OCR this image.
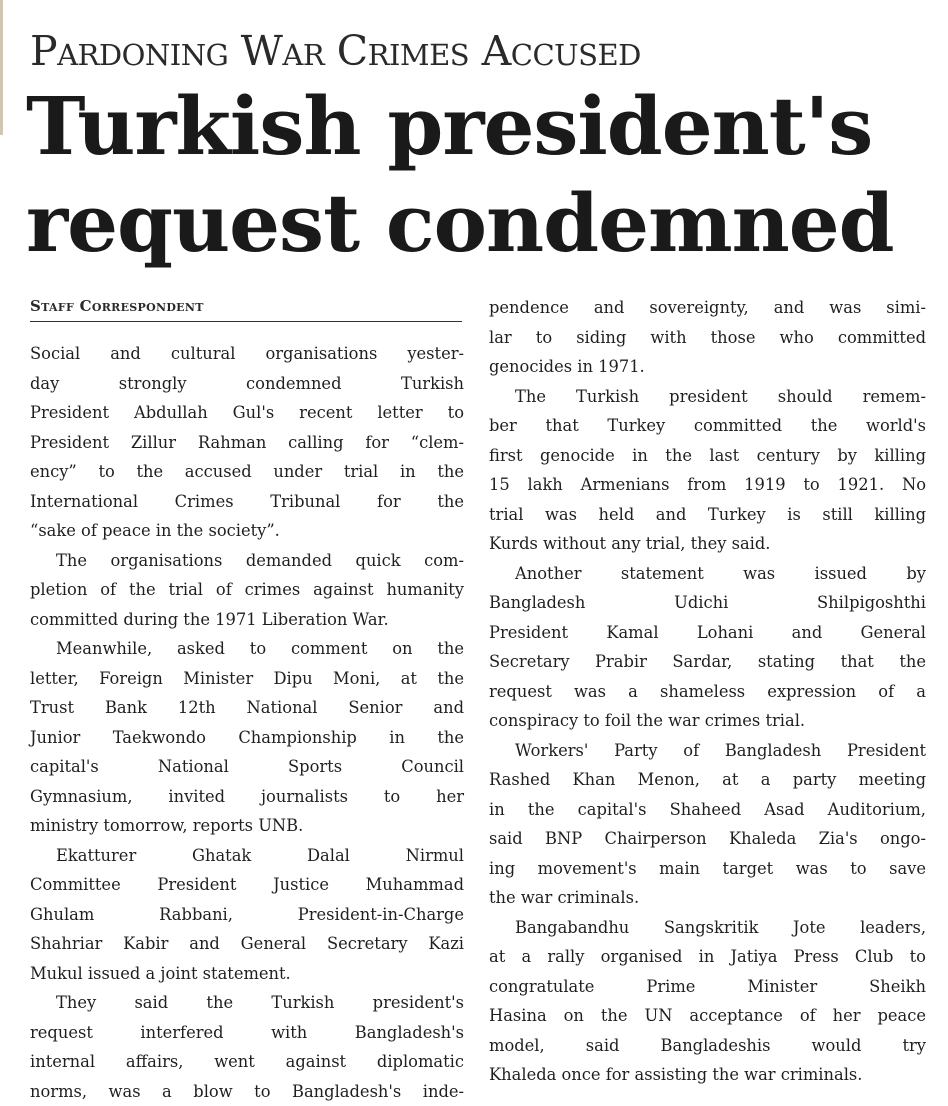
Pardoning War Crimes Accused
Turkish president's
request condemned
Staff Correspondent
Social and cultural organisations yester-
day strongly condemned Turkish
President Abdullah Gul's recent letter to
President Zillur Rahman calling for “clem-
ency” to the accused under trial in the
International Crimes Tribunal for the
“sake of peace in the society”.
The organisations demanded quick com-
pletion of the trial of crimes against humanity
committed during the 1971 Liberation War.
Meanwhile, asked to comment on the
letter, Foreign Minister Dipu Moni, at the
Trust Bank 12th National Senior and
Junior Taekwondo Championship in the
capital's National Sports Council
Gymnasium, invited journalists to her
ministry tomorrow, reports UNB.
Ekatturer Ghatak Dalal Nirmul
Committee President Justice Muhammad
Ghulam Rabbani, President-in-Charge
Shahriar Kabir and General Secretary Kazi
Mukul issued a joint statement.
They said the Turkish president's
request interfered with Bangladesh's
internal affairs, went against diplomatic
norms, was a blow to Bangladesh's inde-
pendence and sovereignty, and was simi-
lar to siding with those who committed
genocides in 1971.
The Turkish president should remem-
ber that Turkey committed the world's
first genocide in the last century by killing
15 lakh Armenians from 1919 to 1921. No
trial was held and Turkey is still killing
Kurds without any trial, they said.
Another statement was issued by
Bangladesh Udichi Shilpigoshthi
President Kamal Lohani and General
Secretary Prabir Sardar, stating that the
request was a shameless expression of a
conspiracy to foil the war crimes trial.
Workers' Party of Bangladesh President
Rashed Khan Menon, at a party meeting
in the capital's Shaheed Asad Auditorium,
said BNP Chairperson Khaleda Zia's ongo-
ing movement's main target was to save
the war criminals.
Bangabandhu Sangskritik Jote leaders,
at a rally organised in Jatiya Press Club to
congratulate Prime Minister Sheikh
Hasina on the UN acceptance of her peace
model, said Bangladeshis would try
Khaleda once for assisting the war criminals.
